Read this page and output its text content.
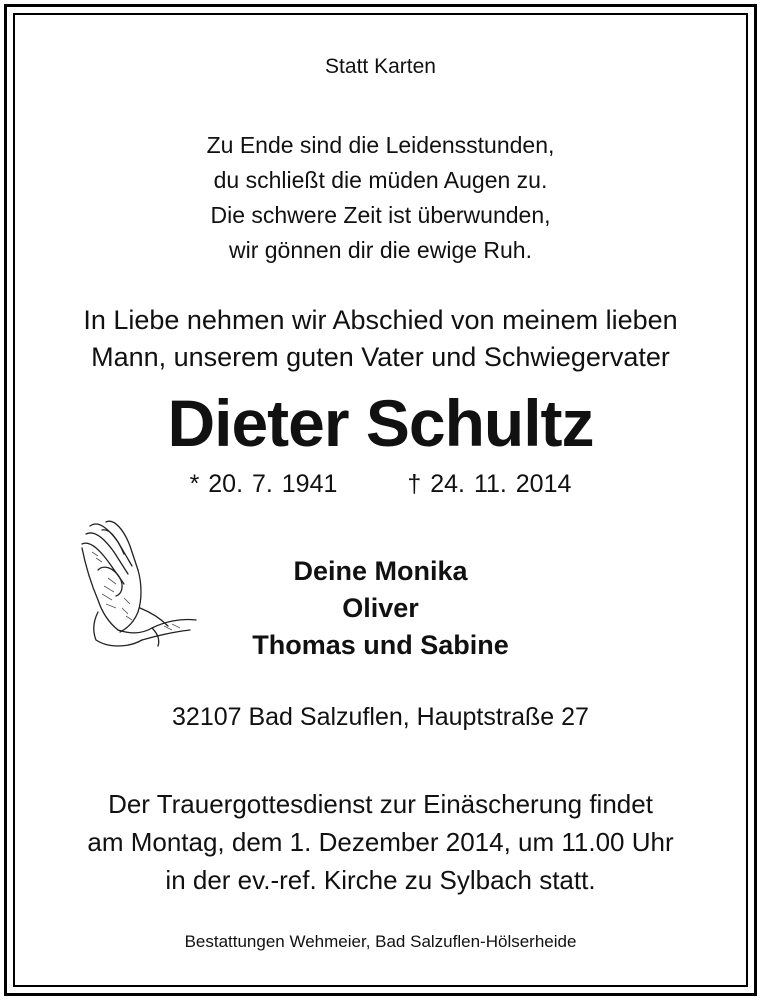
Statt Karten
Zu Ende sind die Leidensstunden,
du schließt die müden Augen zu.
Die schwere Zeit ist überwunden,
wir gönnen dir die ewige Ruh.
In Liebe nehmen wir Abschied von meinem lieben
Mann, unserem guten Vater und Schwiegervater
Dieter Schultz
* 20. 7. 1941	† 24. 11. 2014
Deine Monika
Oliver
Thomas und Sabine
32107 Bad Salzuflen, Hauptstraße 27
Der Trauergottesdienst zur Einäscherung findet
am Montag, dem 1. Dezember 2014, um 11.00 Uhr
in der ev.-ref. Kirche zu Sylbach statt.
Bestattungen Wehmeier, Bad Salzuflen-Hölserheide
